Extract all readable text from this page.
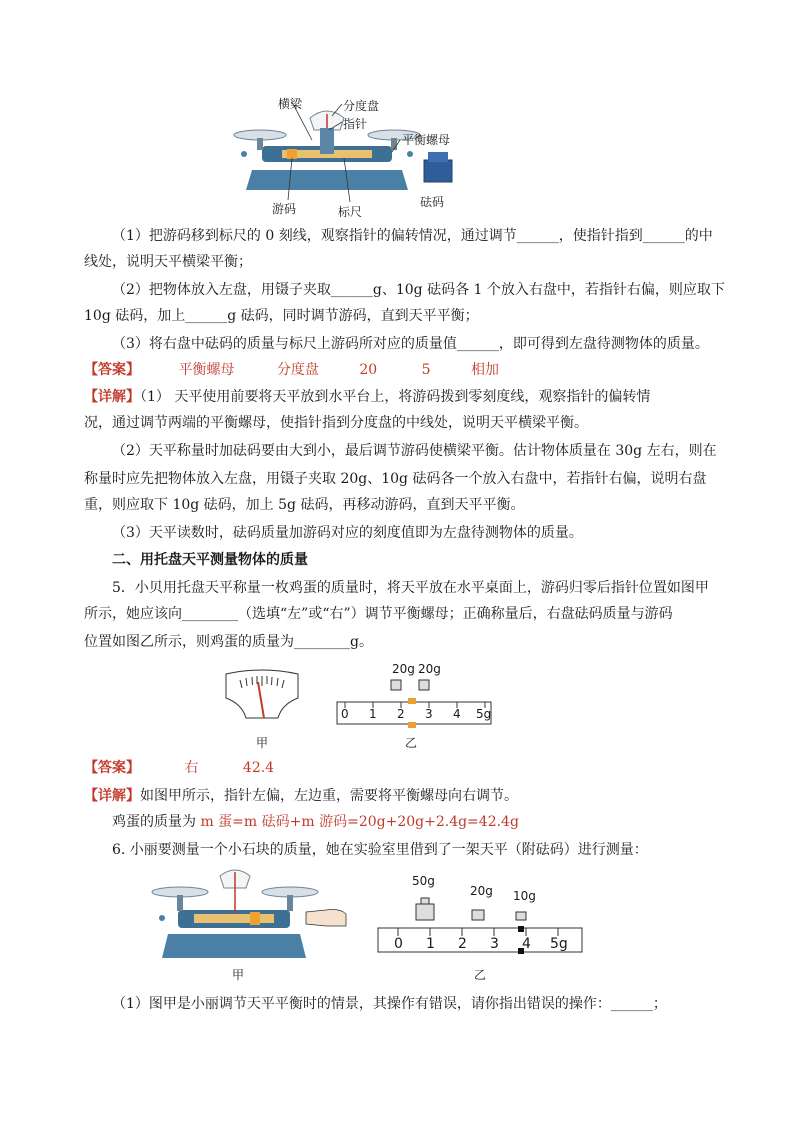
横梁	分度盘
指针
平衡螺母
游码	标尺
砝码
（1）把游码移到标尺的 0 刻线，观察指针的偏转情况，通过调节______，使指针指到______的中
线处，说明天平横梁平衡；
（2）把物体放入左盘，用镊子夹取______g、10g 砝码各 1 个放入右盘中，若指针右偏，则应取下
10g 砝码，加上______g 砝码，同时调节游码，直到天平平衡；
（3）将右盘中砝码的质量与标尺上游码所对应的质量值______，即可得到左盘待测物体的质量。
【答案】	平衡螺母	分度盘	20	5	相加
【详解】（1） 天平使用前要将天平放到水平台上，将游码拨到零刻度线，观察指针的偏转情
况，通过调节两端的平衡螺母，使指针指到分度盘的中线处，说明天平横梁平衡。
（2）天平称量时加砝码要由大到小，最后调节游码使横梁平衡。估计物体质量在 30g 左右，则在
称量时应先把物体放入左盘，用镊子夹取 20g、10g 砝码各一个放入右盘中，若指针右偏，说明右盘
重，则应取下 10g 砝码，加上 5g 砝码，再移动游码，直到天平平衡。
（3）天平读数时，砝码质量加游码对应的刻度值即为左盘待测物体的质量。
二、用托盘天平测量物体的质量
5．小贝用托盘天平称量一枚鸡蛋的质量时，将天平放在水平桌面上，游码归零后指针位置如图甲
所示，她应该向________（选填“左”或“右”）调节平衡螺母；正确称量后，右盘砝码质量与游码
位置如图乙所示，则鸡蛋的质量为________g。
甲
20g 20g
0 1 2 3 4 5g
乙
【答案】	右	42.4
【详解】如图甲所示，指针左偏，左边重，需要将平衡螺母向右调节。
鸡蛋的质量为 m 蛋=m 砝码+m 游码=20g+20g+2.4g=42.4g
6. 小丽要测量一个小石块的质量，她在实验室里借到了一架天平（附砝码）进行测量：
甲
50g
20g 10g
0 1 2 3 4 5g
乙
（1）图甲是小丽调节天平平衡时的情景，其操作有错误，请你指出错误的操作：______；
